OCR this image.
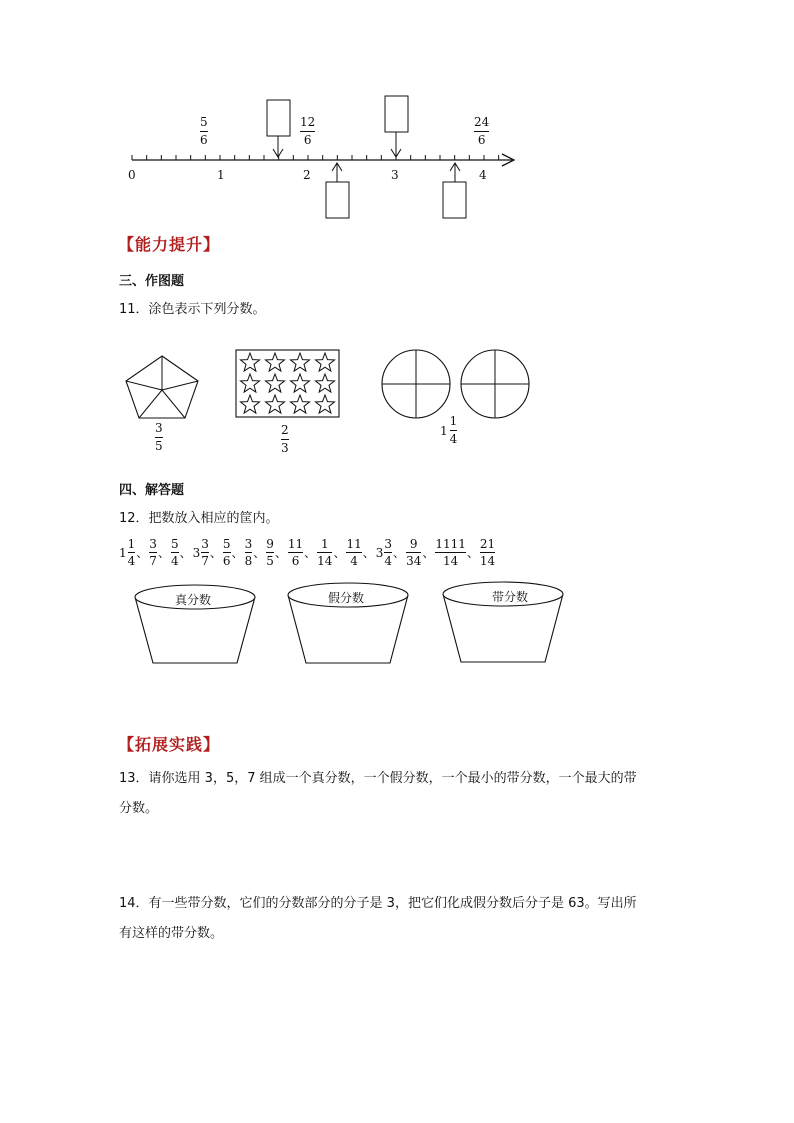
0	1	2	3	4
5
6
12
6
24
6
【能力提升】
三、作图题
11．涂色表示下列分数。
3
5
2
3
1
1
4
四、解答题
12．把数放入相应的筐内。
1
1
4
、
3
7
、
5
4
、 3
3
7
、
5
6
、
3
8
、
9
5
、
11
6
、
1
14
、
11
4
、 3
3
4
、
9
34
、
1111
14
、
21
14
真分数	假分数	带分数
【拓展实践】
13．请你选用 3，5，7 组成一个真分数，一个假分数，一个最小的带分数，一个最大的带
分数。
14．有一些带分数，它们的分数部分的分子是 3，把它们化成假分数后分子是 63。写出所
有这样的带分数。
